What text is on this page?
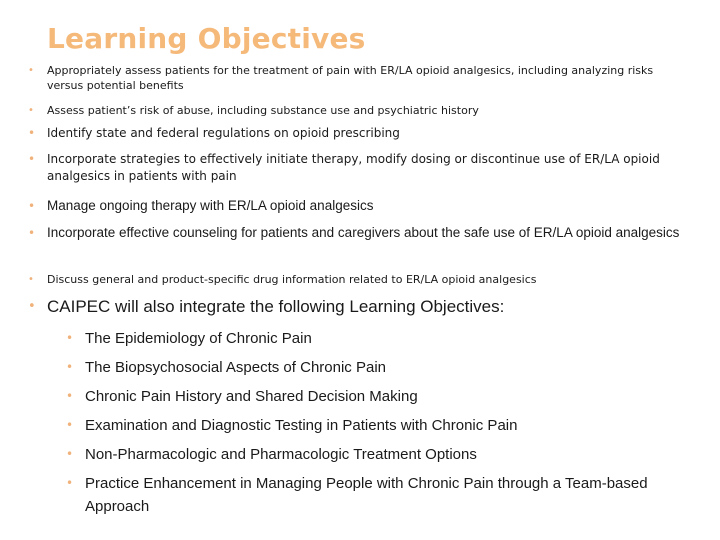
Learning Objectives
•	Appropriately assess patients for the treatment of pain with ER/LA opioid analgesics, including analyzing risks versus potential benefits
•	Assess patient’s risk of abuse, including substance use and psychiatric history
• Identify state and federal regulations on opioid prescribing
• Incorporate strategies to effectively initiate therapy, modify dosing or discontinue use of ER/LA opioid analgesics in patients with pain
• Manage ongoing therapy with ER/LA opioid analgesics
• Incorporate effective counseling for patients and caregivers about the safe use of ER/LA opioid analgesics
•	Discuss general and product-specific drug information related to ER/LA opioid analgesics
• CAIPEC will also integrate the following Learning Objectives:
• The Epidemiology of Chronic Pain
• The Biopsychosocial Aspects of Chronic Pain
• Chronic Pain History and Shared Decision Making
• Examination and Diagnostic Testing in Patients with Chronic Pain
• Non-Pharmacologic and Pharmacologic Treatment Options
• Practice Enhancement in Managing People with Chronic Pain through a Team-based Approach
